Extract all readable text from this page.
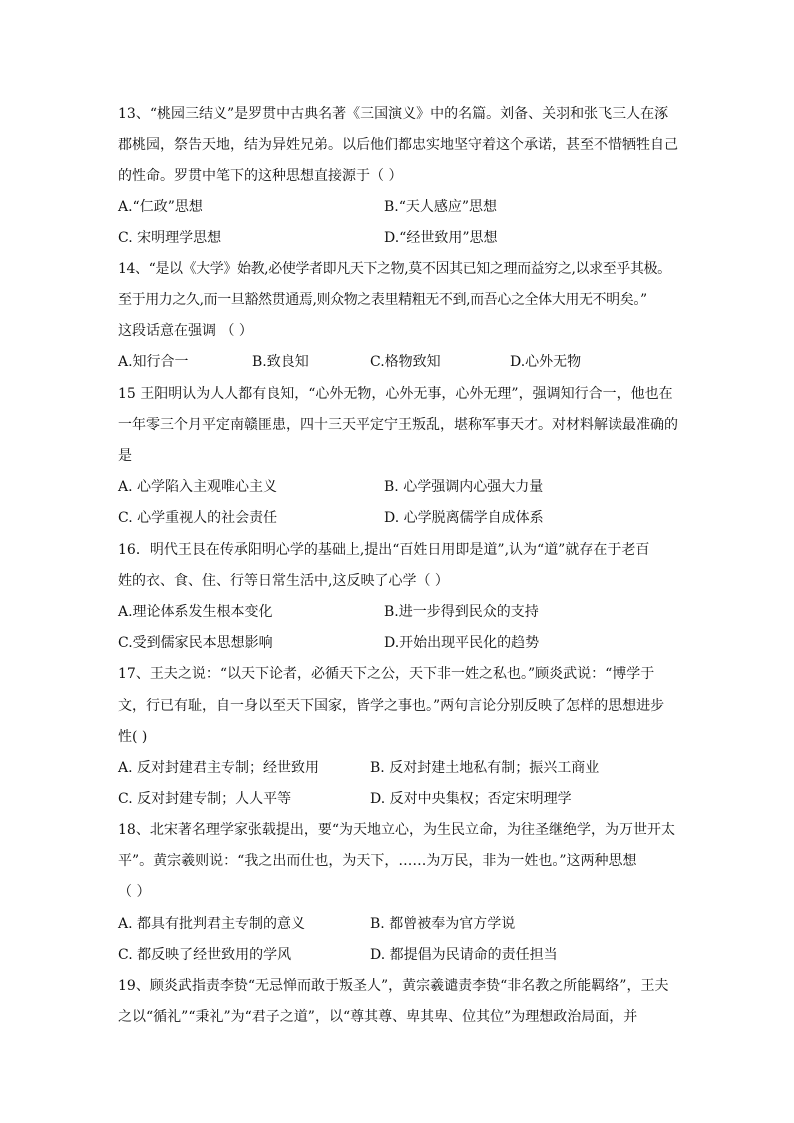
13、“桃园三结义”是罗贯中古典名著《三国演义》中的名篇。刘备、关羽和张飞三人在涿
郡桃园，祭告天地，结为异姓兄弟。以后他们都忠实地坚守着这个承诺，甚至不惜牺牲自己
的性命。罗贯中笔下的这种思想直接源于（ ）
A.“仁政”思想	B.“天人感应”思想
C. 宋明理学思想	D.“经世致用”思想
14、“是以《大学》始教,必使学者即凡天下之物,莫不因其已知之理而益穷之,以求至乎其极。
至于用力之久,而一旦豁然贯通焉,则众物之表里精粗无不到,而吾心之全体大用无不明矣。”
这段话意在强调 （ ）
A.知行合一	B.致良知	C.格物致知	D.心外无物
15 王阳明认为人人都有良知，“心外无物，心外无事，心外无理”，强调知行合一，他也在
一年零三个月平定南赣匪患，四十三天平定宁王叛乱，堪称军事天才。对材料解读最准确的
是
A. 心学陷入主观唯心主义	B. 心学强调内心强大力量
C. 心学重视人的社会责任	D. 心学脱离儒学自成体系
16．明代王艮在传承阳明心学的基础上,提出“百姓日用即是道”,认为“道”就存在于老百
姓的衣、食、住、行等日常生活中,这反映了心学（ ）
A.理论体系发生根本变化	B.进一步得到民众的支持
C.受到儒家民本思想影响	D.开始出现平民化的趋势
17、王夫之说：“以天下论者，必循天下之公，天下非一姓之私也。”顾炎武说：“博学于
文，行已有耻，自一身以至天下国家，皆学之事也。”两句言论分别反映了怎样的思想进步
性( )
A. 反对封建君主专制；经世致用	B. 反对封建土地私有制；振兴工商业
C. 反对封建专制；人人平等	D. 反对中央集权；否定宋明理学
18、北宋著名理学家张载提出，要“为天地立心，为生民立命，为往圣继绝学，为万世开太
平”。黄宗羲则说：“我之出而仕也，为天下，……为万民，非为一姓也。”这两种思想
（ ）
A. 都具有批判君主专制的意义	B. 都曾被奉为官方学说
C. 都反映了经世致用的学风	D. 都提倡为民请命的责任担当
19、顾炎武指责李贽“无忌惮而敢于叛圣人”，黄宗羲谴责李贽“非名教之所能羁络”，王夫
之以“循礼”“秉礼”为“君子之道”，以“尊其尊、卑其卑、位其位”为理想政治局面，并
